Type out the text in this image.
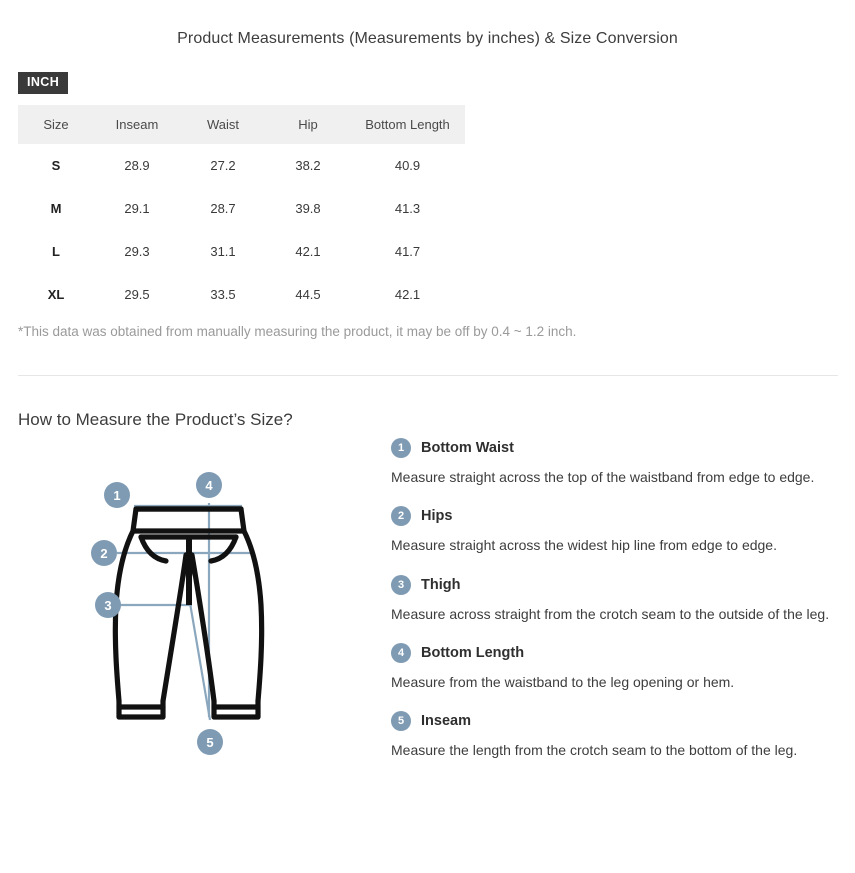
Product Measurements (Measurements by inches) & Size Conversion
INCH
Size	Inseam	Waist	Hip	Bottom Length
S	28.9	27.2	38.2	40.9
M	29.1	28.7	39.8	41.3
L	29.3	31.1	42.1	41.7
XL	29.5	33.5	44.5	42.1
*This data was obtained from manually measuring the product, it may be off by 0.4 ~ 1.2 inch.
How to Measure the Product’s Size?
1
2
3
4
5
1	Bottom Waist
Measure straight across the top of the waistband from edge to edge.
2	Hips
Measure straight across the widest hip line from edge to edge.
3	Thigh
Measure across straight from the crotch seam to the outside of the leg.
4	Bottom Length
Measure from the waistband to the leg opening or hem.
5	Inseam
Measure the length from the crotch seam to the bottom of the leg.
